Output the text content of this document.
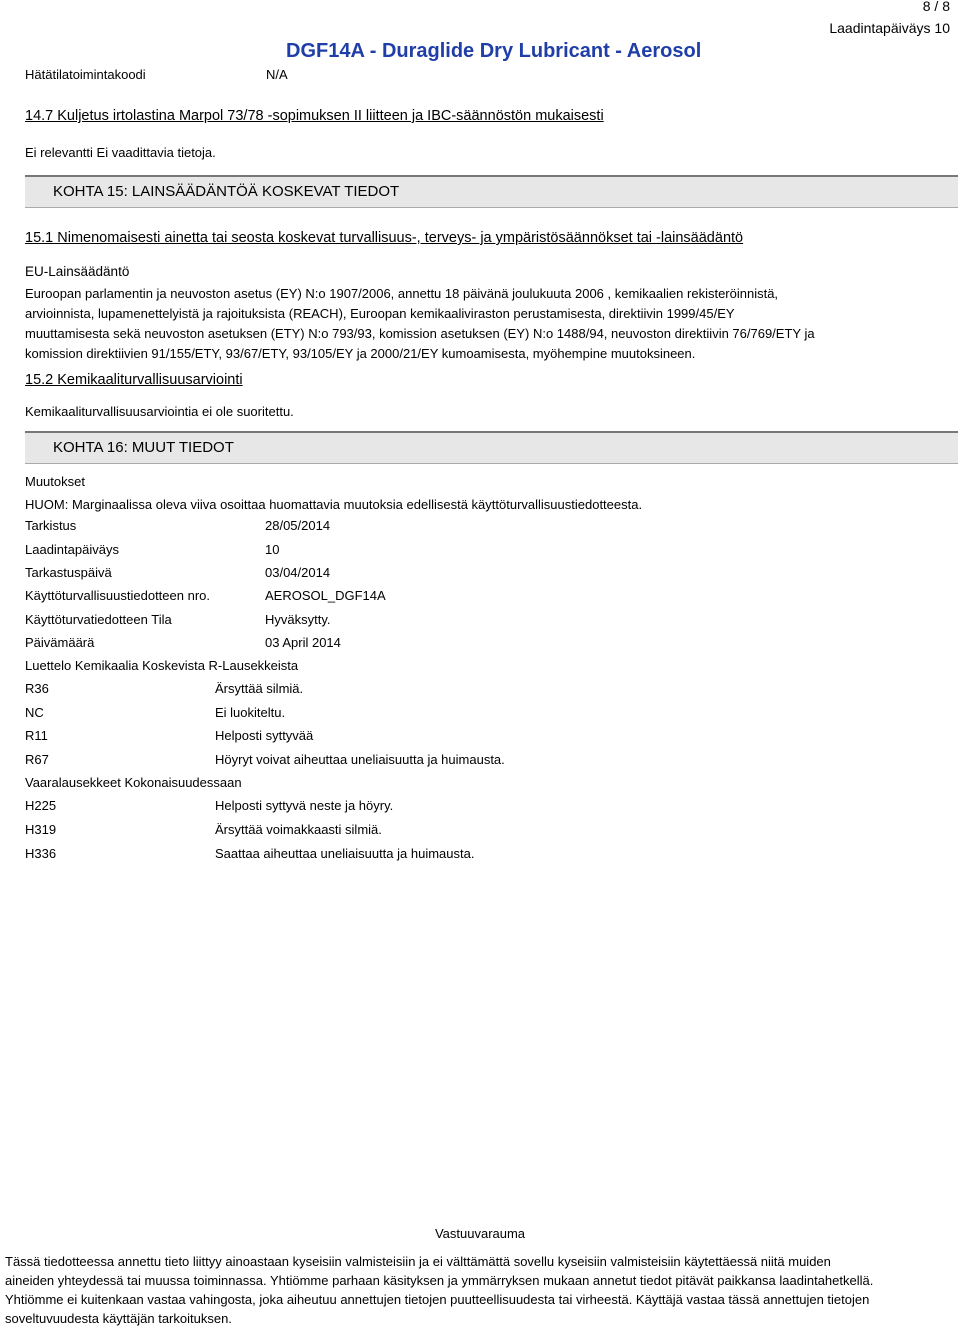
8 / 8
Laadintapäiväys 10
DGF14A - Duraglide Dry Lubricant - Aerosol
Hätätilatoimintakoodi	N/A
14.7 Kuljetus irtolastina Marpol 73/78 -sopimuksen II liitteen ja IBC-säännöstön mukaisesti
Ei relevantti Ei vaadittavia tietoja.
KOHTA 15: LAINSÄÄDÄNTÖÄ KOSKEVAT TIEDOT
15.1 Nimenomaisesti ainetta tai seosta koskevat turvallisuus-, terveys- ja ympäristösäännökset tai -lainsäädäntö
EU-Lainsäädäntö
Euroopan parlamentin ja neuvoston asetus (EY) N:o 1907/2006, annettu 18 päivänä joulukuuta 2006 , kemikaalien rekisteröinnistä,
arvioinnista, lupamenettelyistä ja rajoituksista (REACH), Euroopan kemikaaliviraston perustamisesta, direktiivin 1999/45/EY
muuttamisesta sekä neuvoston asetuksen (ETY) N:o 793/93, komission asetuksen (EY) N:o 1488/94, neuvoston direktiivin 76/769/ETY ja
komission direktiivien 91/155/ETY, 93/67/ETY, 93/105/EY ja 2000/21/EY kumoamisesta, myöhempine muutoksineen.
15.2 Kemikaaliturvallisuusarviointi
Kemikaaliturvallisuusarviointia ei ole suoritettu.
KOHTA 16: MUUT TIEDOT
Muutokset
HUOM: Marginaalissa oleva viiva osoittaa huomattavia muutoksia edellisestä käyttöturvallisuustiedotteesta.
Tarkistus	28/05/2014
Laadintapäiväys	10
Tarkastuspäivä	03/04/2014
Käyttöturvallisuustiedotteen nro.	AEROSOL_DGF14A
Käyttöturvatiedotteen Tila	Hyväksytty.
Päivämäärä	03 April 2014
Luettelo Kemikaalia Koskevista R-Lausekkeista
R36	Ärsyttää silmiä.
NC	Ei luokiteltu.
R11	Helposti syttyvää
R67	Höyryt voivat aiheuttaa uneliaisuutta ja huimausta.
Vaaralausekkeet Kokonaisuudessaan
H225	Helposti syttyvä neste ja höyry.
H319	Ärsyttää voimakkaasti silmiä.
H336	Saattaa aiheuttaa uneliaisuutta ja huimausta.
Vastuuvarauma
Tässä tiedotteessa annettu tieto liittyy ainoastaan kyseisiin valmisteisiin ja ei välttämättä sovellu kyseisiin valmisteisiin käytettäessä niitä muiden
aineiden yhteydessä tai muussa toiminnassa. Yhtiömme parhaan käsityksen ja ymmärryksen mukaan annetut tiedot pitävät paikkansa laadintahetkellä.
Yhtiömme ei kuitenkaan vastaa vahingosta, joka aiheutuu annettujen tietojen puutteellisuudesta tai virheestä. Käyttäjä vastaa tässä annettujen tietojen
soveltuvuudesta käyttäjän tarkoituksen.
